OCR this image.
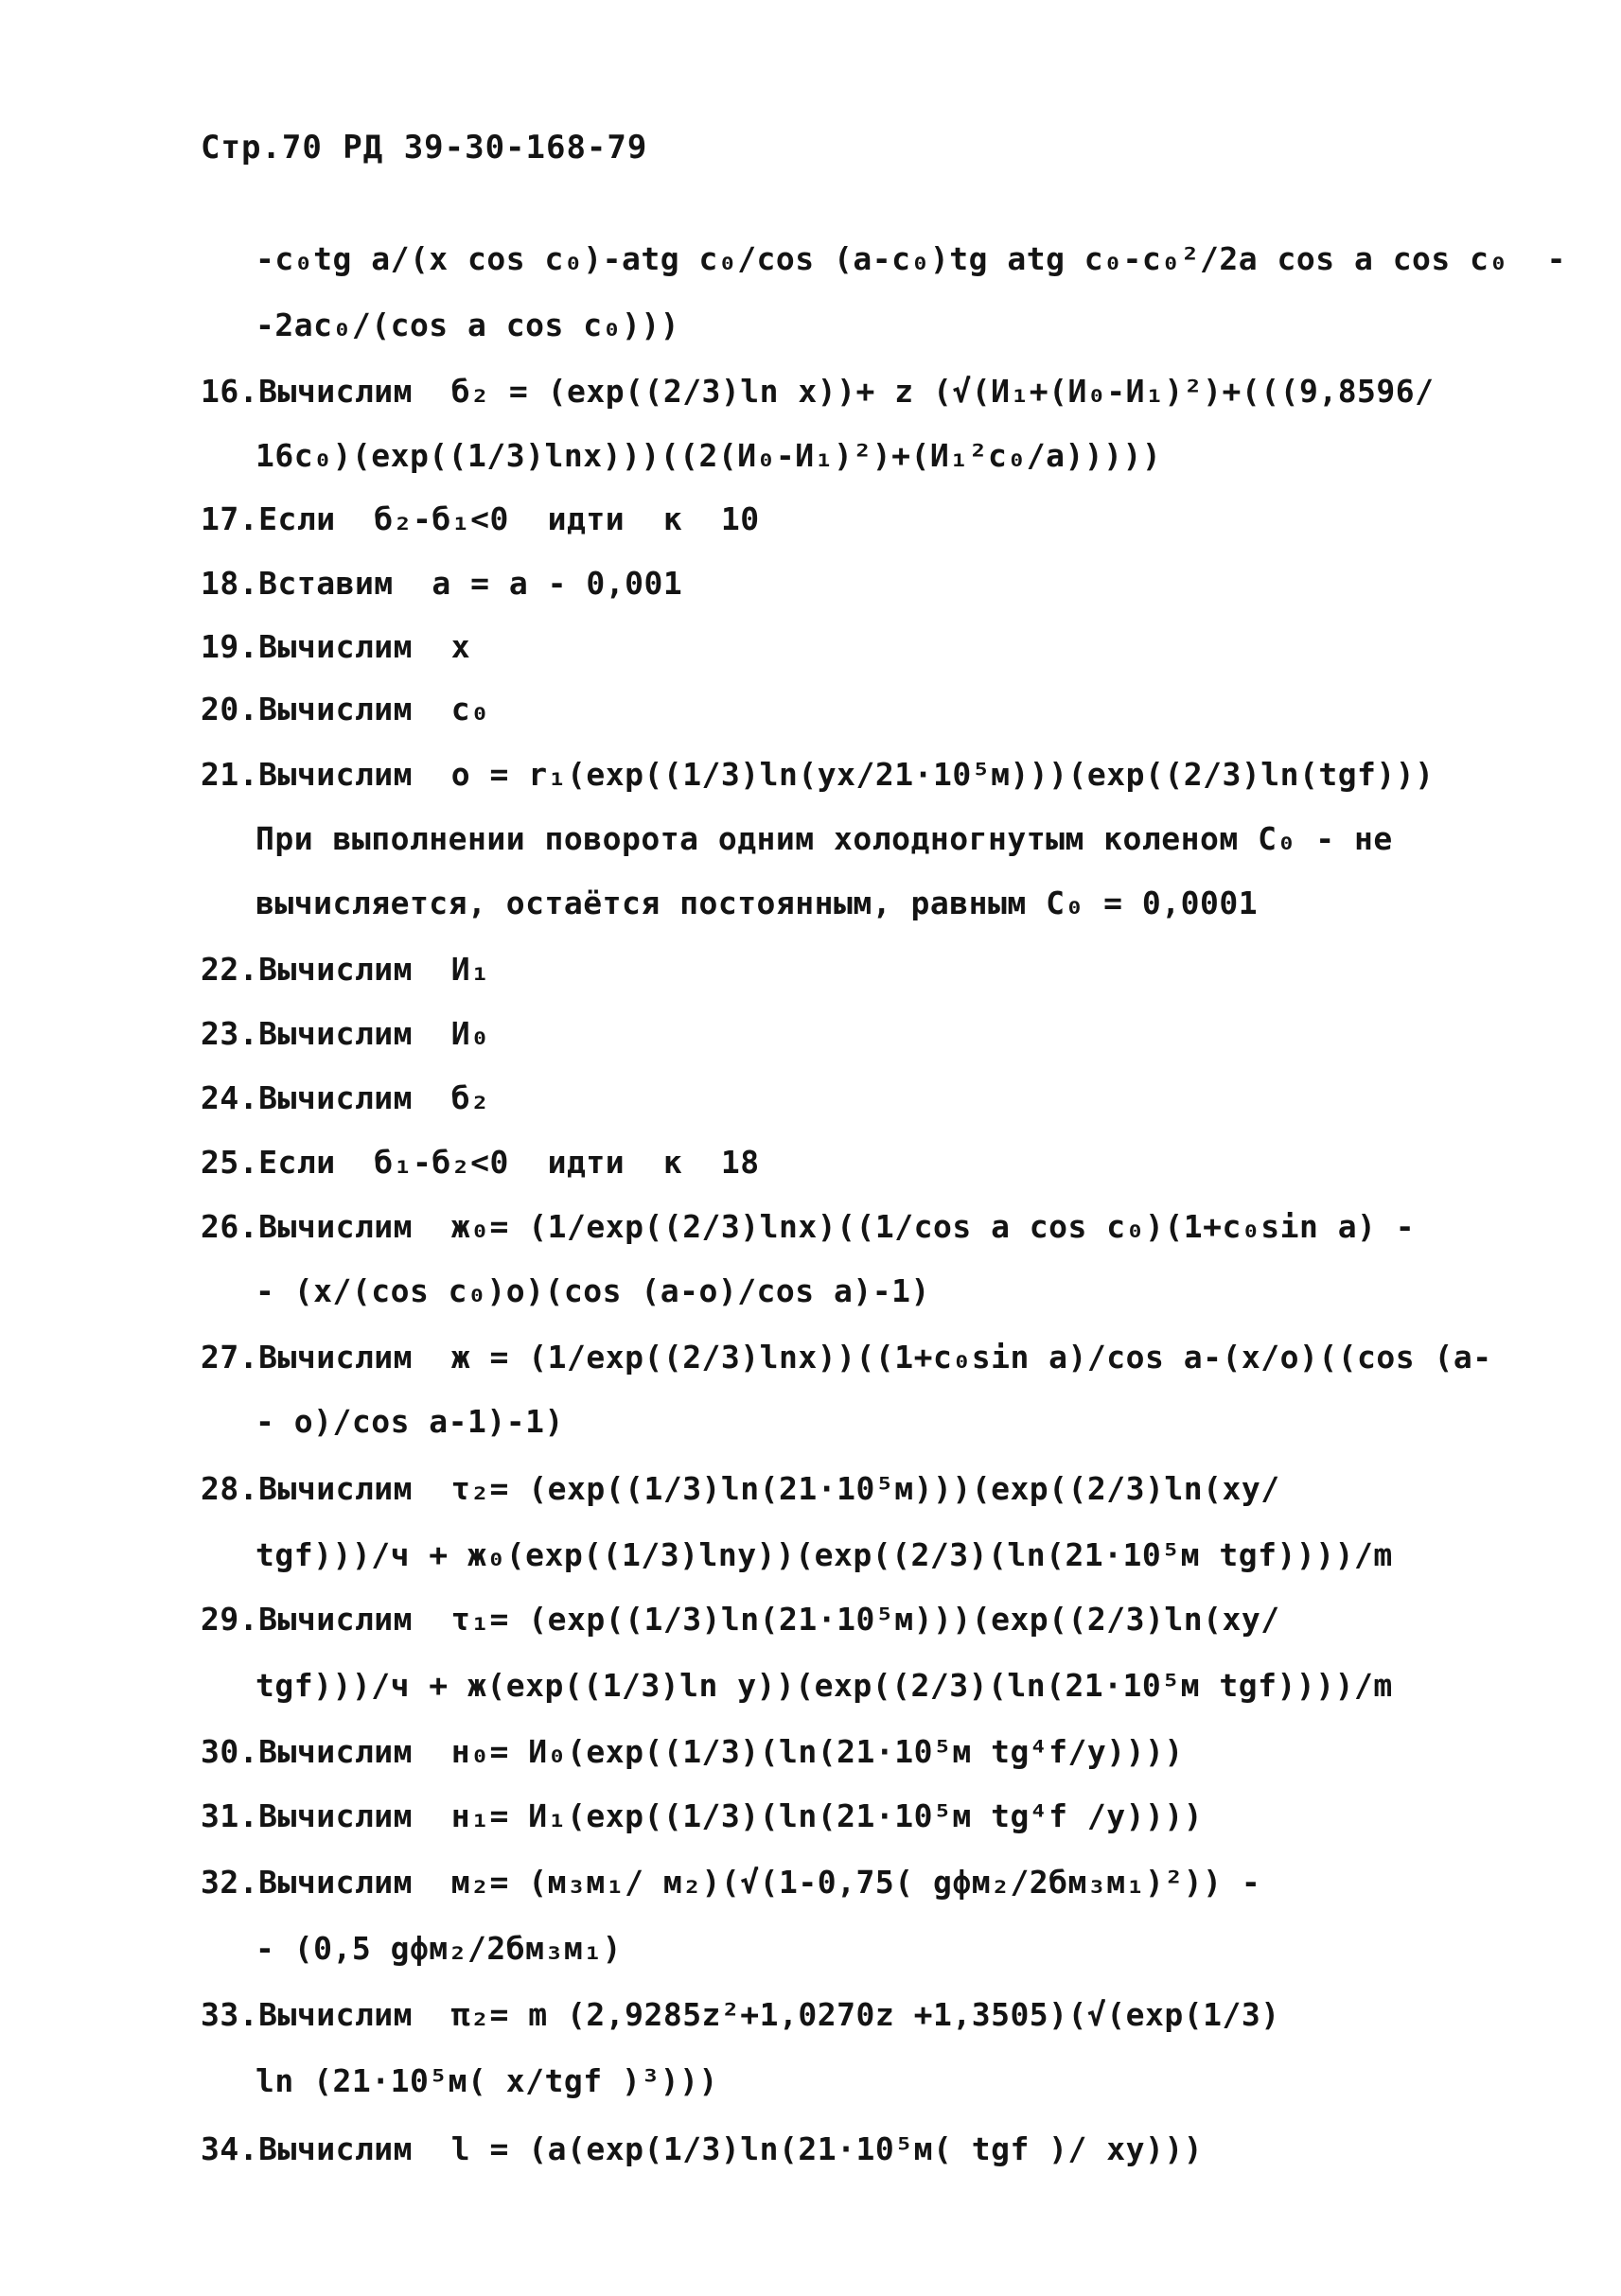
Стр.70 РД 39-30-168-79
-c₀tg a/(x cos c₀)-atg c₀/cos (a-c₀)tg atg c₀-c₀²/2a cos a cos c₀  -
-2ac₀/(cos a cos c₀)))
16.Вычислим  б₂ = (exp((2/3)ln x))+ z (√(И₁+(И₀-И₁)²)+(((9,8596/
16c₀)(exp((1/3)lnx)))((2(И₀-И₁)²)+(И₁²c₀/a)))))
17.Если  б₂-б₁<0  идти  к  10
18.Вставим  a = a - 0,001
19.Вычислим  x
20.Вычислим  c₀
21.Вычислим  o = r₁(exp((1/3)ln(yx/21·10⁵м)))(exp((2/3)ln(tgf)))
При выполнении поворота одним холодногнутым коленом C₀ - не
вычисляется, остаётся постоянным, равным C₀ = 0,0001
22.Вычислим  И₁
23.Вычислим  И₀
24.Вычислим  б₂
25.Если  б₁-б₂<0  идти  к  18
26.Вычислим  ж₀= (1/exp((2/3)lnx)((1/cos a cos c₀)(1+c₀sin a) -
- (x/(cos c₀)o)(cos (a-o)/cos a)-1)
27.Вычислим  ж = (1/exp((2/3)lnx))((1+c₀sin a)/cos a-(x/o)((cos (a-
- o)/cos a-1)-1)
28.Вычислим  τ₂= (exp((1/3)ln(21·10⁵м)))(exp((2/3)ln(xy/
tgf)))/ч + ж₀(exp((1/3)lny))(exp((2/3)(ln(21·10⁵м tgf))))/m
29.Вычислим  τ₁= (exp((1/3)ln(21·10⁵м)))(exp((2/3)ln(xy/
tgf)))/ч + ж(exp((1/3)ln y))(exp((2/3)(ln(21·10⁵м tgf))))/m
30.Вычислим  н₀= И₀(exp((1/3)(ln(21·10⁵м tg⁴f/y))))
31.Вычислим  н₁= И₁(exp((1/3)(ln(21·10⁵м tg⁴f /y))))
32.Вычислим  м₂= (м₃м₁/ м₂)(√(1-0,75( gфм₂/2бм₃м₁)²)) -
- (0,5 gфм₂/2бм₃м₁)
33.Вычислим  π₂= m (2,9285z²+1,0270z +1,3505)(√(exp(1/3)
ln (21·10⁵м( x/tgf )³)))
34.Вычислим  l = (a(exp(1/3)ln(21·10⁵м( tgf )/ xy)))
